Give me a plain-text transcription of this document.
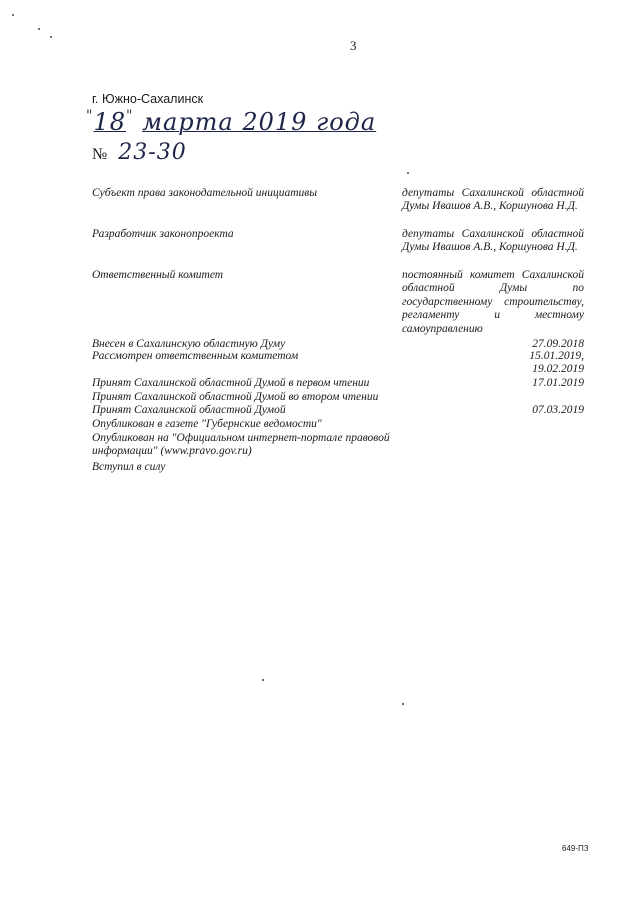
3
г. Южно-Сахалинск
"18" марта 2019 года
№ 23-30
Субъект права законодательной инициативы	депутаты Сахалинской областной Думы Ивашов А.В., Коршунова Н.Д.
Разработчик законопроекта	депутаты Сахалинской областной Думы Ивашов А.В., Коршунова Н.Д.
Ответственный комитет	постоянный комитет Сахалинской областной Думы по государственному строительству, регламенту и местному самоуправлению
Внесен в Сахалинскую областную Думу	27.09.2018
Рассмотрен ответственным комитетом	15.01.2019,
19.02.2019
Принят Сахалинской областной Думой в первом чтении	17.01.2019
Принят Сахалинской областной Думой во втором чтении
Принят Сахалинской областной Думой	07.03.2019
Опубликован в газете "Губернские ведомости"
Опубликован на "Официальном интернет-портале правовой информации" (www.pravo.gov.ru)
Вступил в силу
649-ПЗ
